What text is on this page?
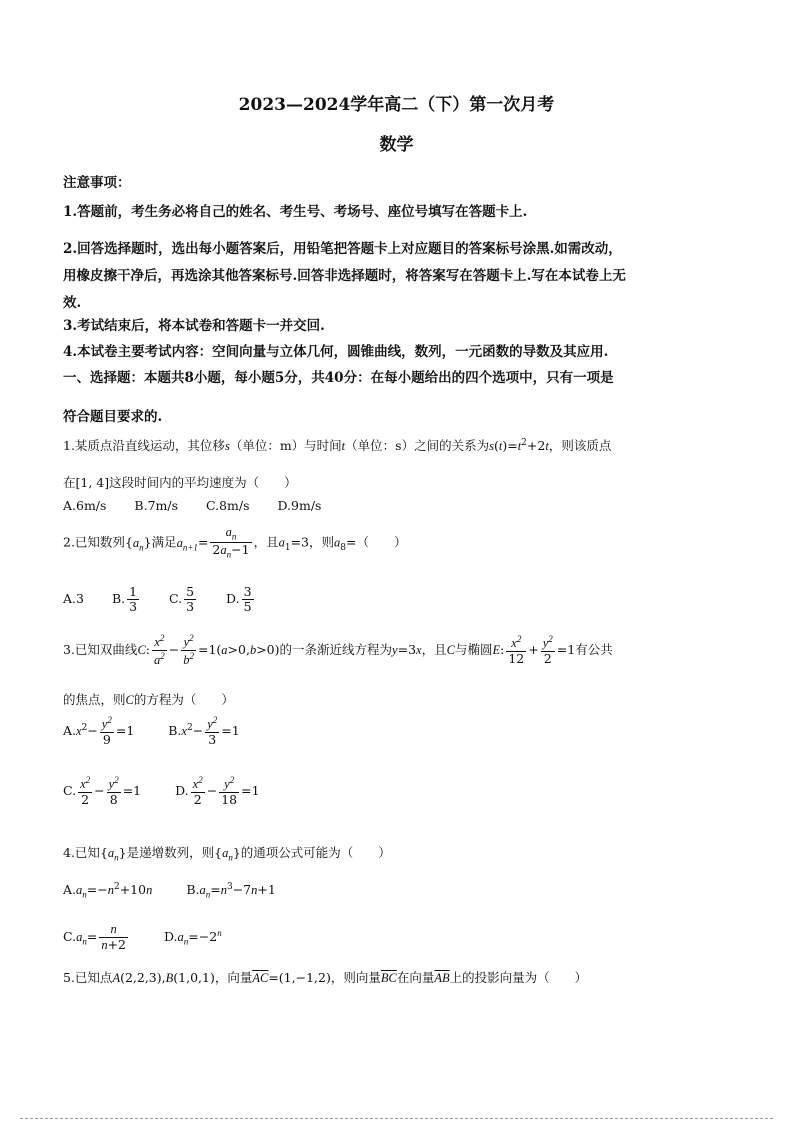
2023—2024学年高二（下）第一次月考
数学
注意事项：
1.答题前，考生务必将自己的姓名、考生号、考场号、座位号填写在答题卡上.
2.回答选择题时，选出每小题答案后，用铅笔把答题卡上对应题目的答案标号涂黑.如需改动，
用橡皮擦干净后，再选涂其他答案标号.回答非选择题时，将答案写在答题卡上.写在本试卷上无
效.
3.考试结束后，将本试卷和答题卡一并交回.
4.本试卷主要考试内容：空间向量与立体几何，圆锥曲线，数列，一元函数的导数及其应用.
一、选择题：本题共8小题，每小题5分，共40分：在每小题给出的四个选项中，只有一项是
符合题目要求的.
1.某质点沿直线运动，其位移s（单位：m）与时间t（单位：s）之间的关系为$s(t)=t^2+2t$，则该质点
在[1, 4]这段时间内的平均速度为（　　）
A.6m/s B.7m/s C.8m/s D.9m/s
2.已知数列$\{a_n\}$满足$a_{n+1}= \frac{a_n}{2a_n-1}$ ，且$a_1=3$，则$a_8=$（　　）
A.3 B. $\frac{1}{3} C$. $\frac{5}{3} D$. $\frac{3}{5}$
3.已知双曲线C: $\frac{x^2}{a^2} - \frac{y^2}{b^2} =1(a>0,b>0)$的一条渐近线方程为y=3x，且C与椭圆E: $\frac{x^2}{12} + \frac{y^2}{2} =1$有公共
的焦点，则C的方程为（　　）
$A.x^2- \frac{y^2}{9} =1$  $B.x^2- \frac{y^2}{3} =1$
C. $\frac{x^2}{2} - \frac{y^2}{8} =1$  D. $\frac{x^2}{2} - \frac{y^2}{18} =1$
4.已知$\{a_n\}$是递增数列，则$\{a_n\}$的通项公式可能为（　　）
$A.a_n=-n^2+10n$	$B.a_n=n^3-7n+1$
$C.a_n= \frac{n}{n+2}$	$D.a_n=-2^n$
5.已知点A(2,2,3),B(1,0,1)，向量$\overline{AC}=(1,-1,2)$，则向量$\overline{BC}$在向量$\overline{AB}$上的投影向量为（　　）
